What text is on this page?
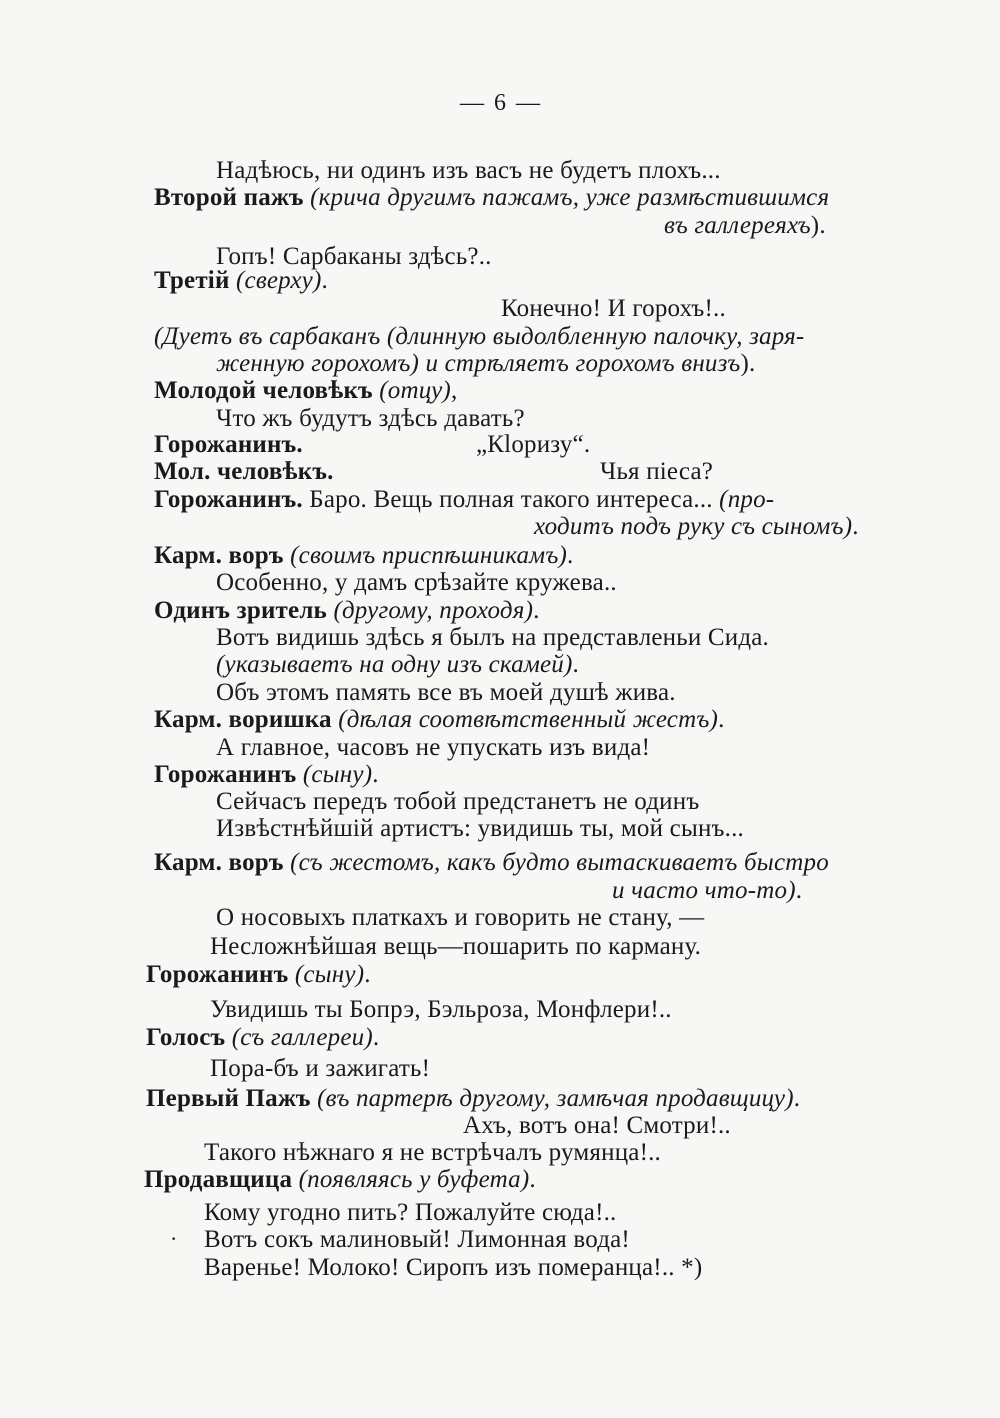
— 6 —
Надѣюсь, ни одинъ изъ васъ не будетъ плохъ...
Второй пажъ (крича другимъ пажамъ, уже размѣстившимся
въ галлереяхъ).
Гопъ! Сарбаканы здѣсь?..
Третій (сверху).
Конечно! И горохъ!..
(Дуетъ въ сарбаканъ (длинную выдолбленную палочку, заря-
женную горохомъ) и стрѣляетъ горохомъ внизъ).
Молодой человѣкъ (отцу),
Что жъ будутъ здѣсь давать?
Горожанинъ.	„Кloризу“.
Мол. человѣкъ.	Чья піеса?
Горожанинъ. Баро. Вещь полная такого интереса... (про-
ходитъ подъ руку съ сыномъ).
Карм. воръ (своимъ приспѣшникамъ).
Особенно, у дамъ срѣзайте кружева..
Одинъ зритель (другому, проходя).
Вотъ видишь здѣсь я былъ на представленьи Сида.
(указываетъ на одну изъ скамей).
Объ этомъ память все въ моей душѣ жива.
Карм. воришка (дѣлая соотвѣтственный жестъ).
А главное, часовъ не упускать изъ вида!
Горожанинъ (сыну).
Сейчасъ передъ тобой предстанетъ не одинъ
Извѣстнѣйшій артистъ: увидишь ты, мой сынъ...
Карм. воръ (съ жестомъ, какъ будто вытаскиваетъ быстро
и часто что-то).
О носовыхъ платкахъ и говорить не стану, —
Несложнѣйшая вещь—пошарить по карману.
Горожанинъ (сыну).
Увидишь ты Бопрэ, Бэльроза, Монфлери!..
Голосъ (съ галлереи).
Пора-бъ и зажигать!
Первый Пажъ (въ партерѣ другому, замѣчая продавщицу).
Ахъ, вотъ она! Смотри!..
Такого нѣжнаго я не встрѣчалъ румянца!..
Продавщица (появляясь у буфета).
Кому угодно пить? Пожалуйте сюда!..
· Вотъ сокъ малиновый! Лимонная вода!
Варенье! Молоко! Сиропъ изъ померанца!.. *)
